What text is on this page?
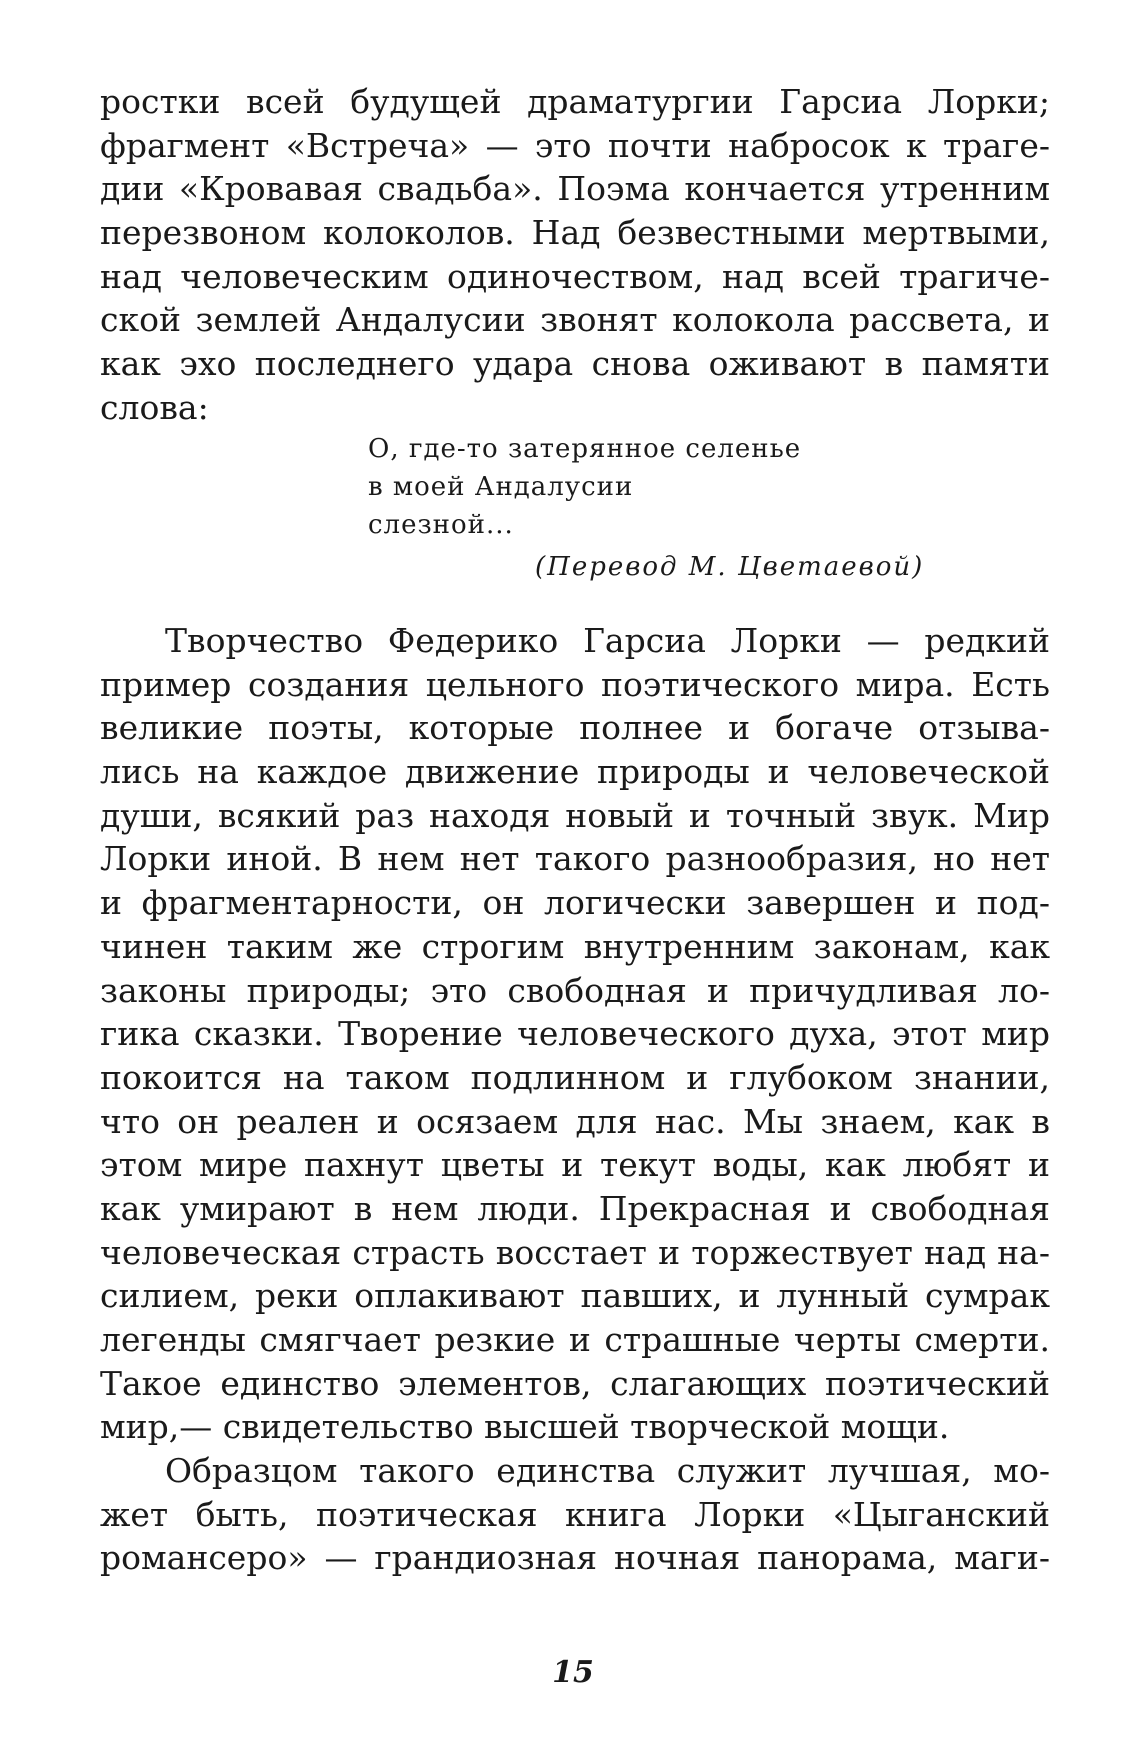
ростки всей будущей драматургии Гарсиа Лорки;
фрагмент «Встреча» — это почти набросок к траге-
дии «Кровавая свадьба». Поэма кончается утренним
перезвоном колоколов. Над безвестными мертвыми,
над человеческим одиночеством, над всей трагиче-
ской землей Андалусии звонят колокола рассвета, и
как эхо последнего удара снова оживают в памяти
слова:
О, где-то затерянное селенье
в моей Андалусии
слезной...
(Перевод М. Цветаевой)
Творчество Федерико Гарсиа Лорки — редкий
пример создания цельного поэтического мира. Есть
великие поэты, которые полнее и богаче отзыва-
лись на каждое движение природы и человеческой
души, всякий раз находя новый и точный звук. Мир
Лорки иной. В нем нет такого разнообразия, но нет
и фрагментарности, он логически завершен и под-
чинен таким же строгим внутренним законам, как
законы природы; это свободная и причудливая ло-
гика сказки. Творение человеческого духа, этот мир
покоится на таком подлинном и глубоком знании,
что он реален и осязаем для нас. Мы знаем, как в
этом мире пахнут цветы и текут воды, как любят и
как умирают в нем люди. Прекрасная и свободная
человеческая страсть восстает и торжествует над на-
силием, реки оплакивают павших, и лунный сумрак
легенды смягчает резкие и страшные черты смерти.
Такое единство элементов, слагающих поэтический
мир,— свидетельство высшей творческой мощи.
Образцом такого единства служит лучшая, мо-
жет быть, поэтическая книга Лорки «Цыганский
романсеро» — грандиозная ночная панорама, маги-
15
